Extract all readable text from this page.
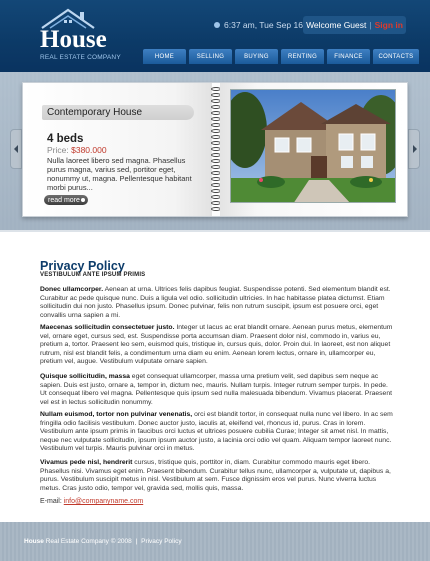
House
REAL ESTATE COMPANY
6:37 am, Tue Sep 16 Welcome Guest | Sign in
HOME	SELLING	BUYING	RENTING	FINANCE	CONTACTS
Contemporary House
4 beds
Price: $380.000
Nulla laoreet libero sed magna. Phasellus purus magna, varius sed, portitor eget, nonummy ut, magna. Pellentesque habitant morbi purus...
read more
Privacy Policy
VESTIBULUM ANTE IPSUM PRIMIS
Donec ullamcorper. Aenean at urna. Ultrices felis dapibus feugiat. Suspendisse potenti. Sed elementum blandit est. Curabitur ac pede quisque nunc. Duis a ligula vel odio. sollicitudin ultricies. In hac habitasse platea dictumst. Etiam sollicitudin dui non justo. Phasellus ipsum. Donec pulvinar, felis non rutrum suscipit, ipsum est posuere orci, eget convallis urna sapien a mi.
Maecenas sollicitudin consectetuer justo. Integer ut lacus ac erat blandit ornare. Aenean purus metus, elementum vel, ornare eget, cursus sed, est. Suspendisse porta accumsan diam. Praesent dolor nisl, commodo in, varius eu, pretium a, tortor. Praesent leo sem, euismod quis, tristique in, cursus quis, dolor. Proin dui. In laoreet, est non aliquet rutrum, nisl est blandit felis, a condimentum urna diam eu enim. Aenean lorem lectus, ornare in, ullamcorper eu, pretium vel, augue. Vestibulum vulputate ornare sapien.
Quisque sollicitudin, massa eget consequat ullamcorper, massa urna pretium velit, sed dapibus sem neque ac sapien. Duis est justo, ornare a, tempor in, dictum nec, mauris. Nullam turpis. Integer rutrum semper turpis. In pede. Ut consequat libero vel magna. Pellentesque quis ipsum sed nulla malesuada bibendum. Vivamus placerat. Praesent vel est in lectus sollicitudin nonummy.
Nullam euismod, tortor non pulvinar venenatis, orci est blandit tortor, in consequat nulla nunc vel libero. In ac sem fringilla odio facilisis vestibulum. Donec auctor justo, iaculis at, eleifend vel, rhoncus id, purus. Cras in lorem. Vestibulum ante ipsum primis in faucibus orci luctus et ultrices posuere cubilia Curae; Integer sit amet nisl. In mattis, neque nec vulputate sollicitudin, ipsum ipsum auctor justo, a lacinia orci odio vel quam. Aliquam tempor laoreet nunc. Vestibulum vel turpis. Mauris pulvinar orci in metus.
Vivamus pede nisl, hendrerit cursus, tristique quis, porttitor in, diam. Curabitur commodo mauris eget libero. Phasellus nisi. Vivamus eget enim. Praesent bibendum. Curabitur tellus nunc, ullamcorper a, vulputate ut, dapibus a, purus. Vestibulum suscipit metus in nisl. Vestibulum at sem. Fusce dignissim eros vel purus. Nunc viverra luctus metus. Cras justo odio, tempor vel, gravida sed, mollis quis, massa.
E-mail: info@companyname.com
House Real Estate Company © 2008 | Privacy Policy
